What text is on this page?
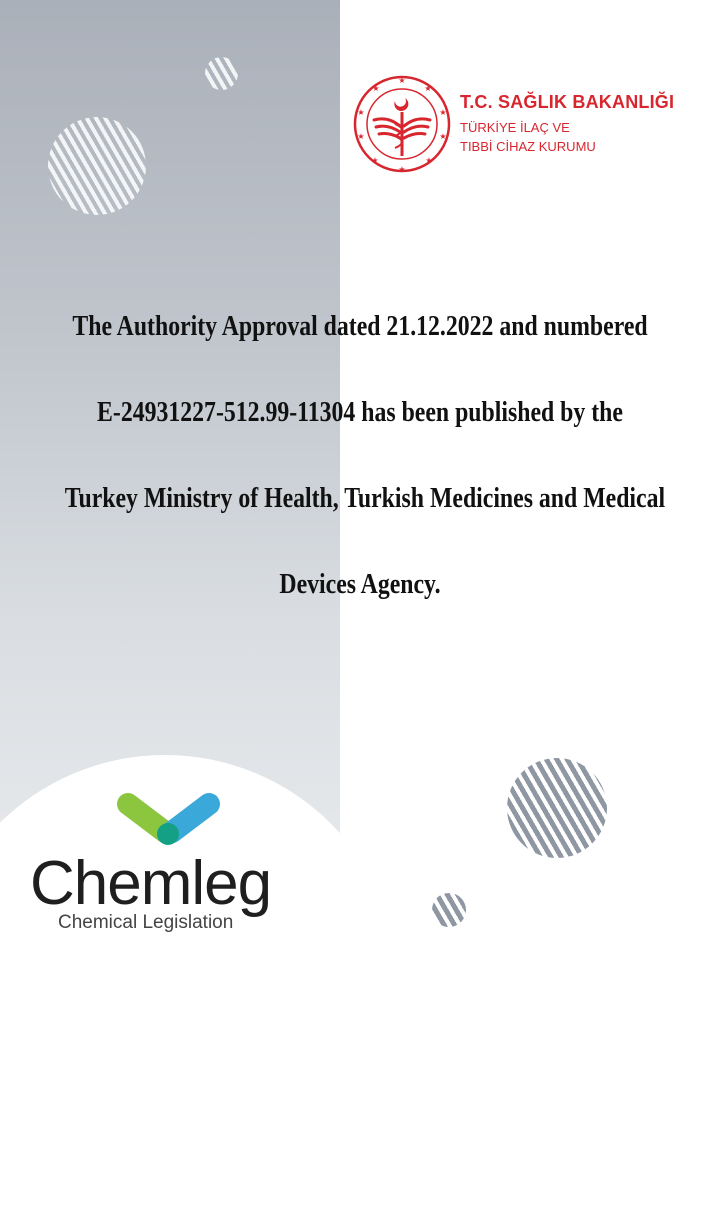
★
★
★
★
★
★
★
★
★
★
T.C. SAĞLIK BAKANLIĞI
TÜRKİYE İLAÇ VE
TIBBİ CİHAZ KURUMU
The Authority Approval dated 21.12.2022 and numbered
E-24931227-512.99-11304 has been published by the
Turkey Ministry of Health, Turkish Medicines and Medical
Devices Agency.
Chemleg
Chemical Legislation
